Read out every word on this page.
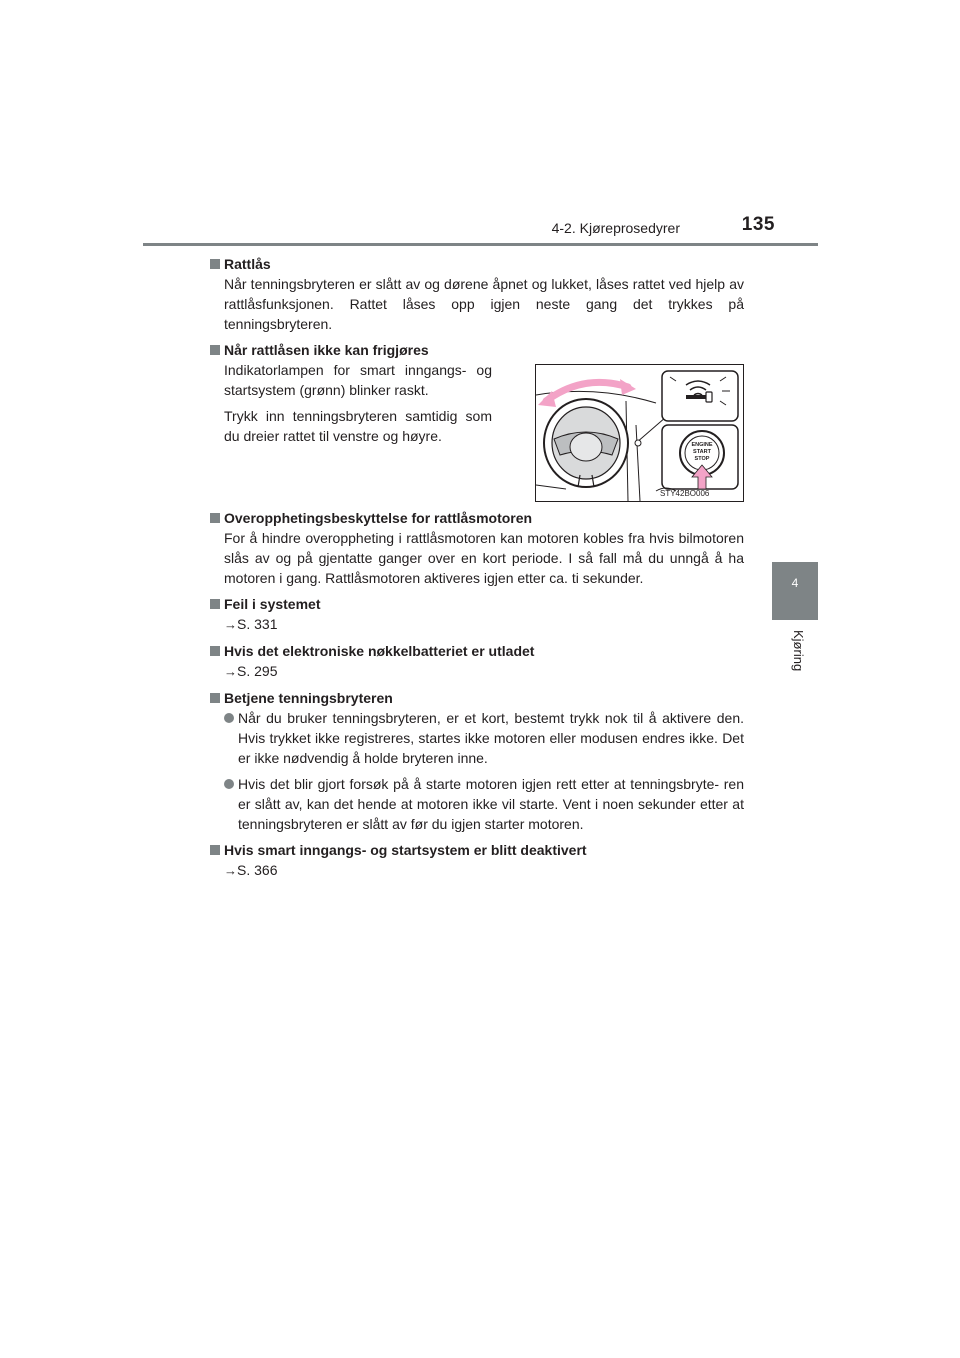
4-2. Kjøreprosedyrer	135
4
Kjøring
Rattlås
Når tenningsbryteren er slått av og dørene åpnet og lukket, låses rattet ved hjelp av rattlåsfunksjonen. Rattet låses opp igjen neste gang det trykkes på tenningsbryteren.
Når rattlåsen ikke kan frigjøres
Indikatorlampen for smart inngangs- og startsystem (grønn) blinker raskt.
Trykk inn tenningsbryteren samtidig som du dreier rattet til venstre og høyre.
ENGINE
START
STOP
STY42BO006
Overopphetingsbeskyttelse for rattlåsmotoren
For å hindre overoppheting i rattlåsmotoren kan motoren kobles fra hvis bilmotoren slås av og på gjentatte ganger over en kort periode. I så fall må du unngå å ha motoren i gang. Rattlåsmotoren aktiveres igjen etter ca. ti sekunder.
Feil i systemet
→S. 331
Hvis det elektroniske nøkkelbatteriet er utladet
→S. 295
Betjene tenningsbryteren
Når du bruker tenningsbryteren, er et kort, bestemt trykk nok til å aktivere den. Hvis trykket ikke registreres, startes ikke motoren eller modusen endres ikke. Det er ikke nødvendig å holde bryteren inne.
Hvis det blir gjort forsøk på å starte motoren igjen rett etter at tenningsbryte- ren er slått av, kan det hende at motoren ikke vil starte. Vent i noen sekunder etter at tenningsbryteren er slått av før du igjen starter motoren.
Hvis smart inngangs- og startsystem er blitt deaktivert
→S. 366
